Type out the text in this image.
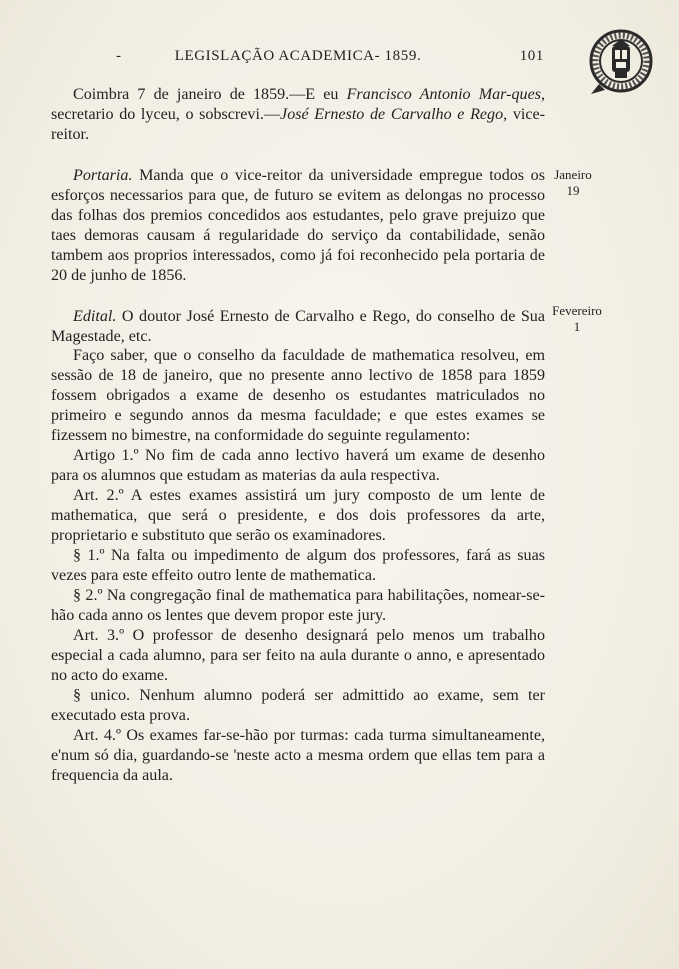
-	LEGISLAÇÃO ACADEMICA- 1859.	101

Coimbra 7 de janeiro de 1859.—E eu Francisco Antonio Mar-ques, secretario do lyceu, o sobscrevi.—José Ernesto de Carvalho e Rego, vice-reitor.

Portaria. Manda que o vice-reitor da universidade empregue todos os esforços necessarios para que, de futuro se evitem as delongas no processo das folhas dos premios concedidos aos estudantes, pelo grave prejuizo que taes demoras causam á regularidade do serviço da contabilidade, senão tambem aos proprios interessados, como já foi reconhecido pela portaria de 20 de junho de 1856.

Edital. O doutor José Ernesto de Carvalho e Rego, do conselho de Sua Magestade, etc.

Faço saber, que o conselho da faculdade de mathematica resolveu, em sessão de 18 de janeiro, que no presente anno lectivo de 1858 para 1859 fossem obrigados a exame de desenho os estudantes matriculados no primeiro e segundo annos da mesma faculdade; e que estes exames se fizessem no bimestre, na conformidade do seguinte regulamento:

Artigo 1.º No fim de cada anno lectivo haverá um exame de desenho para os alumnos que estudam as materias da aula respectiva.

Art. 2.º A estes exames assistirá um jury composto de um lente de mathematica, que será o presidente, e dos dois professores da arte, proprietario e substituto que serão os examinadores.

§ 1.º Na falta ou impedimento de algum dos professores, fará as suas vezes para este effeito outro lente de mathematica.

§ 2.º Na congregação final de mathematica para habilitações, nomear-se-hão cada anno os lentes que devem propor este jury.

Art. 3.º O professor de desenho designará pelo menos um trabalho especial a cada alumno, para ser feito na aula durante o anno, e apresentado no acto do exame.

§ unico. Nenhum alumno poderá ser admittido ao exame, sem ter executado esta prova.

Art. 4.º Os exames far-se-hão por turmas: cada turma simultaneamente, e'num só dia, guardando-se 'neste acto a mesma ordem que ellas tem para a frequencia da aula.

Janeiro
19
Fevereiro
1
